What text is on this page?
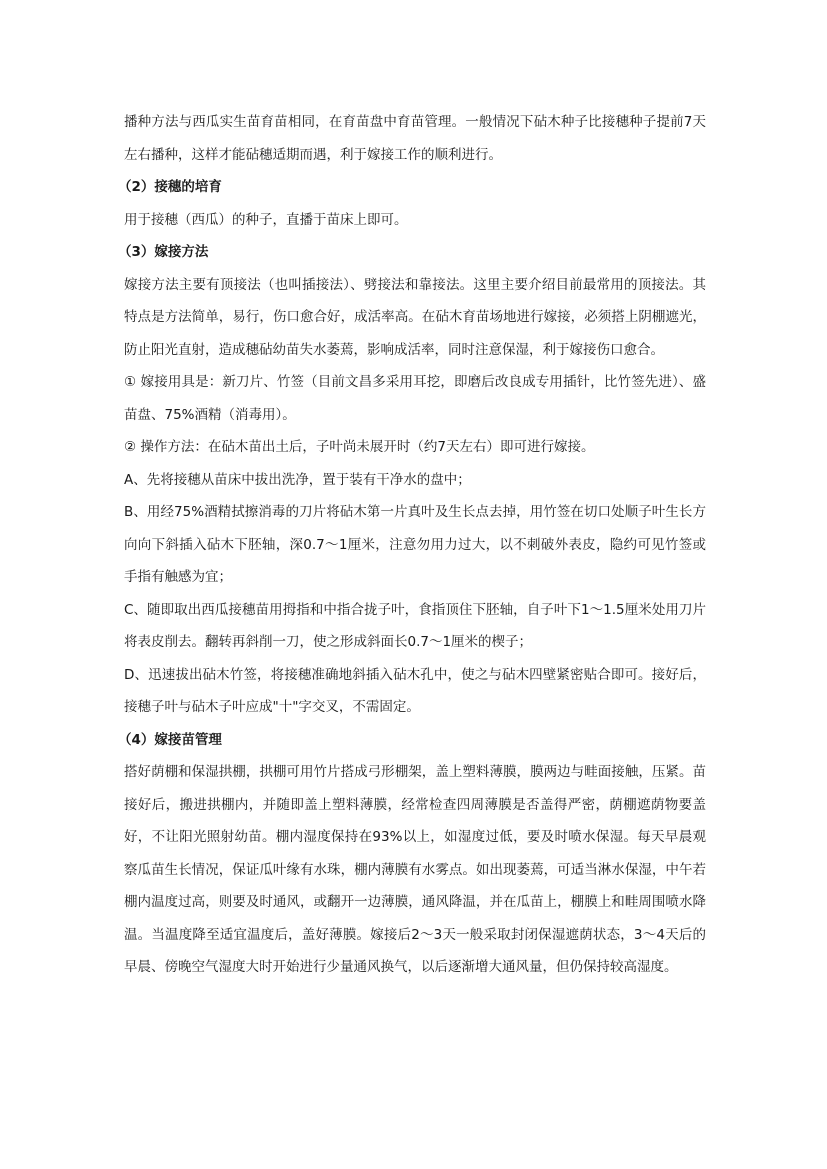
播种方法与西瓜实生苗育苗相同，在育苗盘中育苗管理。一般情况下砧木种子比接穗种子提前7天左右播种，这样才能砧穗适期而遇，利于嫁接工作的顺利进行。

（2）接穗的培育

用于接穗（西瓜）的种子，直播于苗床上即可。

（3）嫁接方法

嫁接方法主要有顶接法（也叫插接法）、劈接法和靠接法。这里主要介绍目前最常用的顶接法。其特点是方法简单，易行，伤口愈合好，成活率高。在砧木育苗场地进行嫁接，必须搭上阴棚遮光，防止阳光直射，造成穗砧幼苗失水萎蔫，影响成活率，同时注意保湿，利于嫁接伤口愈合。

① 嫁接用具是：新刀片、竹签（目前文昌多采用耳挖，即磨后改良成专用插针，比竹签先进）、盛苗盘、75%酒精（消毒用）。

② 操作方法：在砧木苗出土后，子叶尚未展开时（约7天左右）即可进行嫁接。

A、先将接穗从苗床中拔出洗净，置于装有干净水的盘中；

B、用经75%酒精拭擦消毒的刀片将砧木第一片真叶及生长点去掉，用竹签在切口处顺子叶生长方向向下斜插入砧木下胚轴，深0.7～1厘米，注意勿用力过大，以不刺破外表皮，隐约可见竹签或手指有触感为宜；

C、随即取出西瓜接穗苗用拇指和中指合拢子叶，食指顶住下胚轴，自子叶下1～1.5厘米处用刀片将表皮削去。翻转再斜削一刀，使之形成斜面长0.7～1厘米的楔子；

D、迅速拔出砧木竹签，将接穗准确地斜插入砧木孔中，使之与砧木四壁紧密贴合即可。接好后，接穗子叶与砧木子叶应成"十"字交叉，不需固定。

（4）嫁接苗管理

搭好荫棚和保湿拱棚，拱棚可用竹片搭成弓形棚架，盖上塑料薄膜，膜两边与畦面接触，压紧。苗接好后，搬进拱棚内，并随即盖上塑料薄膜，经常检查四周薄膜是否盖得严密，荫棚遮荫物要盖好，不让阳光照射幼苗。棚内湿度保持在93%以上，如湿度过低，要及时喷水保湿。每天早晨观察瓜苗生长情况，保证瓜叶缘有水珠，棚内薄膜有水雾点。如出现萎蔫，可适当淋水保湿，中午若棚内温度过高，则要及时通风，或翻开一边薄膜，通风降温，并在瓜苗上，棚膜上和畦周围喷水降温。当温度降至适宜温度后，盖好薄膜。嫁接后2～3天一般采取封闭保湿遮荫状态，3～4天后的早晨、傍晚空气湿度大时开始进行少量通风换气，以后逐渐增大通风量，但仍保持较高湿度。
